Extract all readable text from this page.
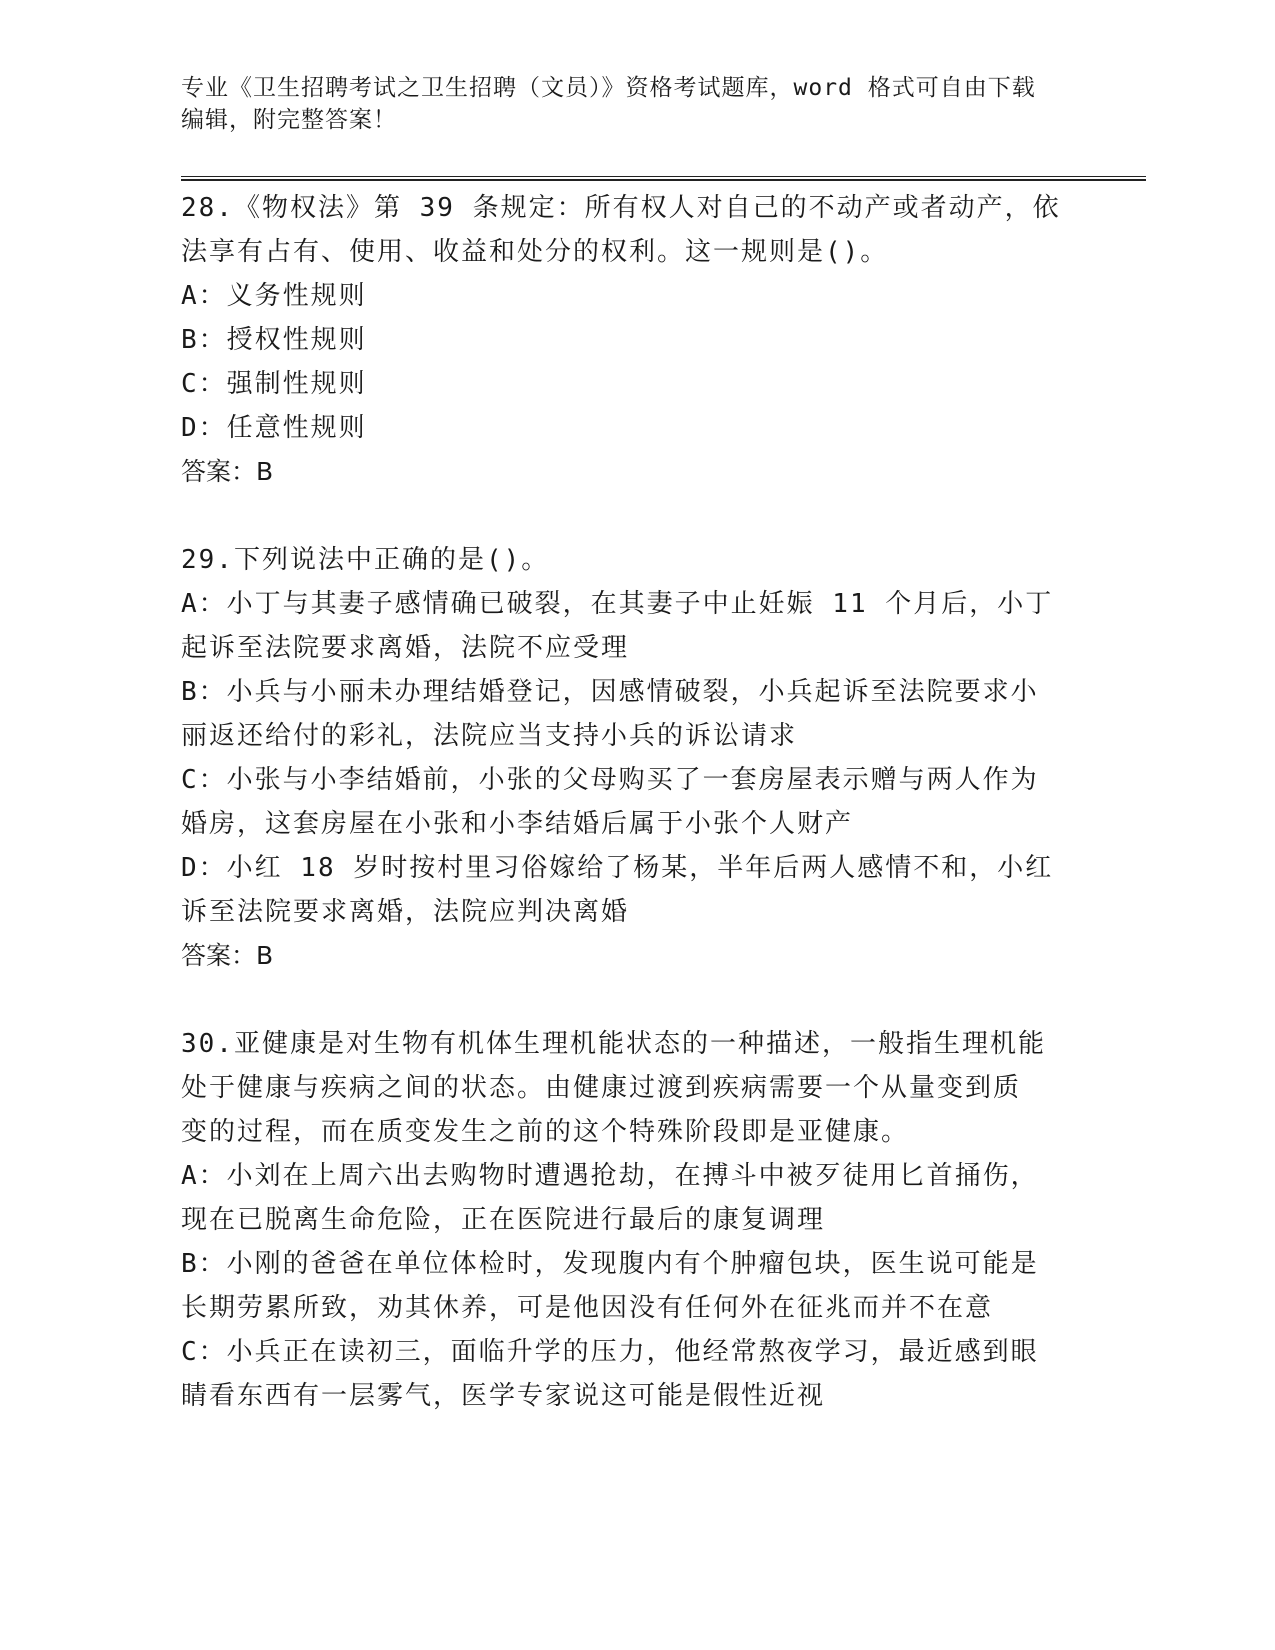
专业《卫生招聘考试之卫生招聘（文员）》资格考试题库，word 格式可自由下载
编辑，附完整答案！

28.《物权法》第 39 条规定：所有权人对自己的不动产或者动产，依

法享有占有、使用、收益和处分的权利。这一规则是()。

A：义务性规则

B：授权性规则

C：强制性规则

D：任意性规则

答案：B

29.下列说法中正确的是()。

A：小丁与其妻子感情确已破裂，在其妻子中止妊娠 11 个月后，小丁

起诉至法院要求离婚，法院不应受理

B：小兵与小丽未办理结婚登记，因感情破裂，小兵起诉至法院要求小

丽返还给付的彩礼，法院应当支持小兵的诉讼请求

C：小张与小李结婚前，小张的父母购买了一套房屋表示赠与两人作为

婚房，这套房屋在小张和小李结婚后属于小张个人财产

D：小红 18 岁时按村里习俗嫁给了杨某，半年后两人感情不和，小红

诉至法院要求离婚，法院应判决离婚

答案：B

30.亚健康是对生物有机体生理机能状态的一种描述，一般指生理机能

处于健康与疾病之间的状态。由健康过渡到疾病需要一个从量变到质

变的过程，而在质变发生之前的这个特殊阶段即是亚健康。

A：小刘在上周六出去购物时遭遇抢劫，在搏斗中被歹徒用匕首捅伤，

现在已脱离生命危险，正在医院进行最后的康复调理

B：小刚的爸爸在单位体检时，发现腹内有个肿瘤包块，医生说可能是

长期劳累所致，劝其休养，可是他因没有任何外在征兆而并不在意

C：小兵正在读初三，面临升学的压力，他经常熬夜学习，最近感到眼

睛看东西有一层雾气，医学专家说这可能是假性近视
